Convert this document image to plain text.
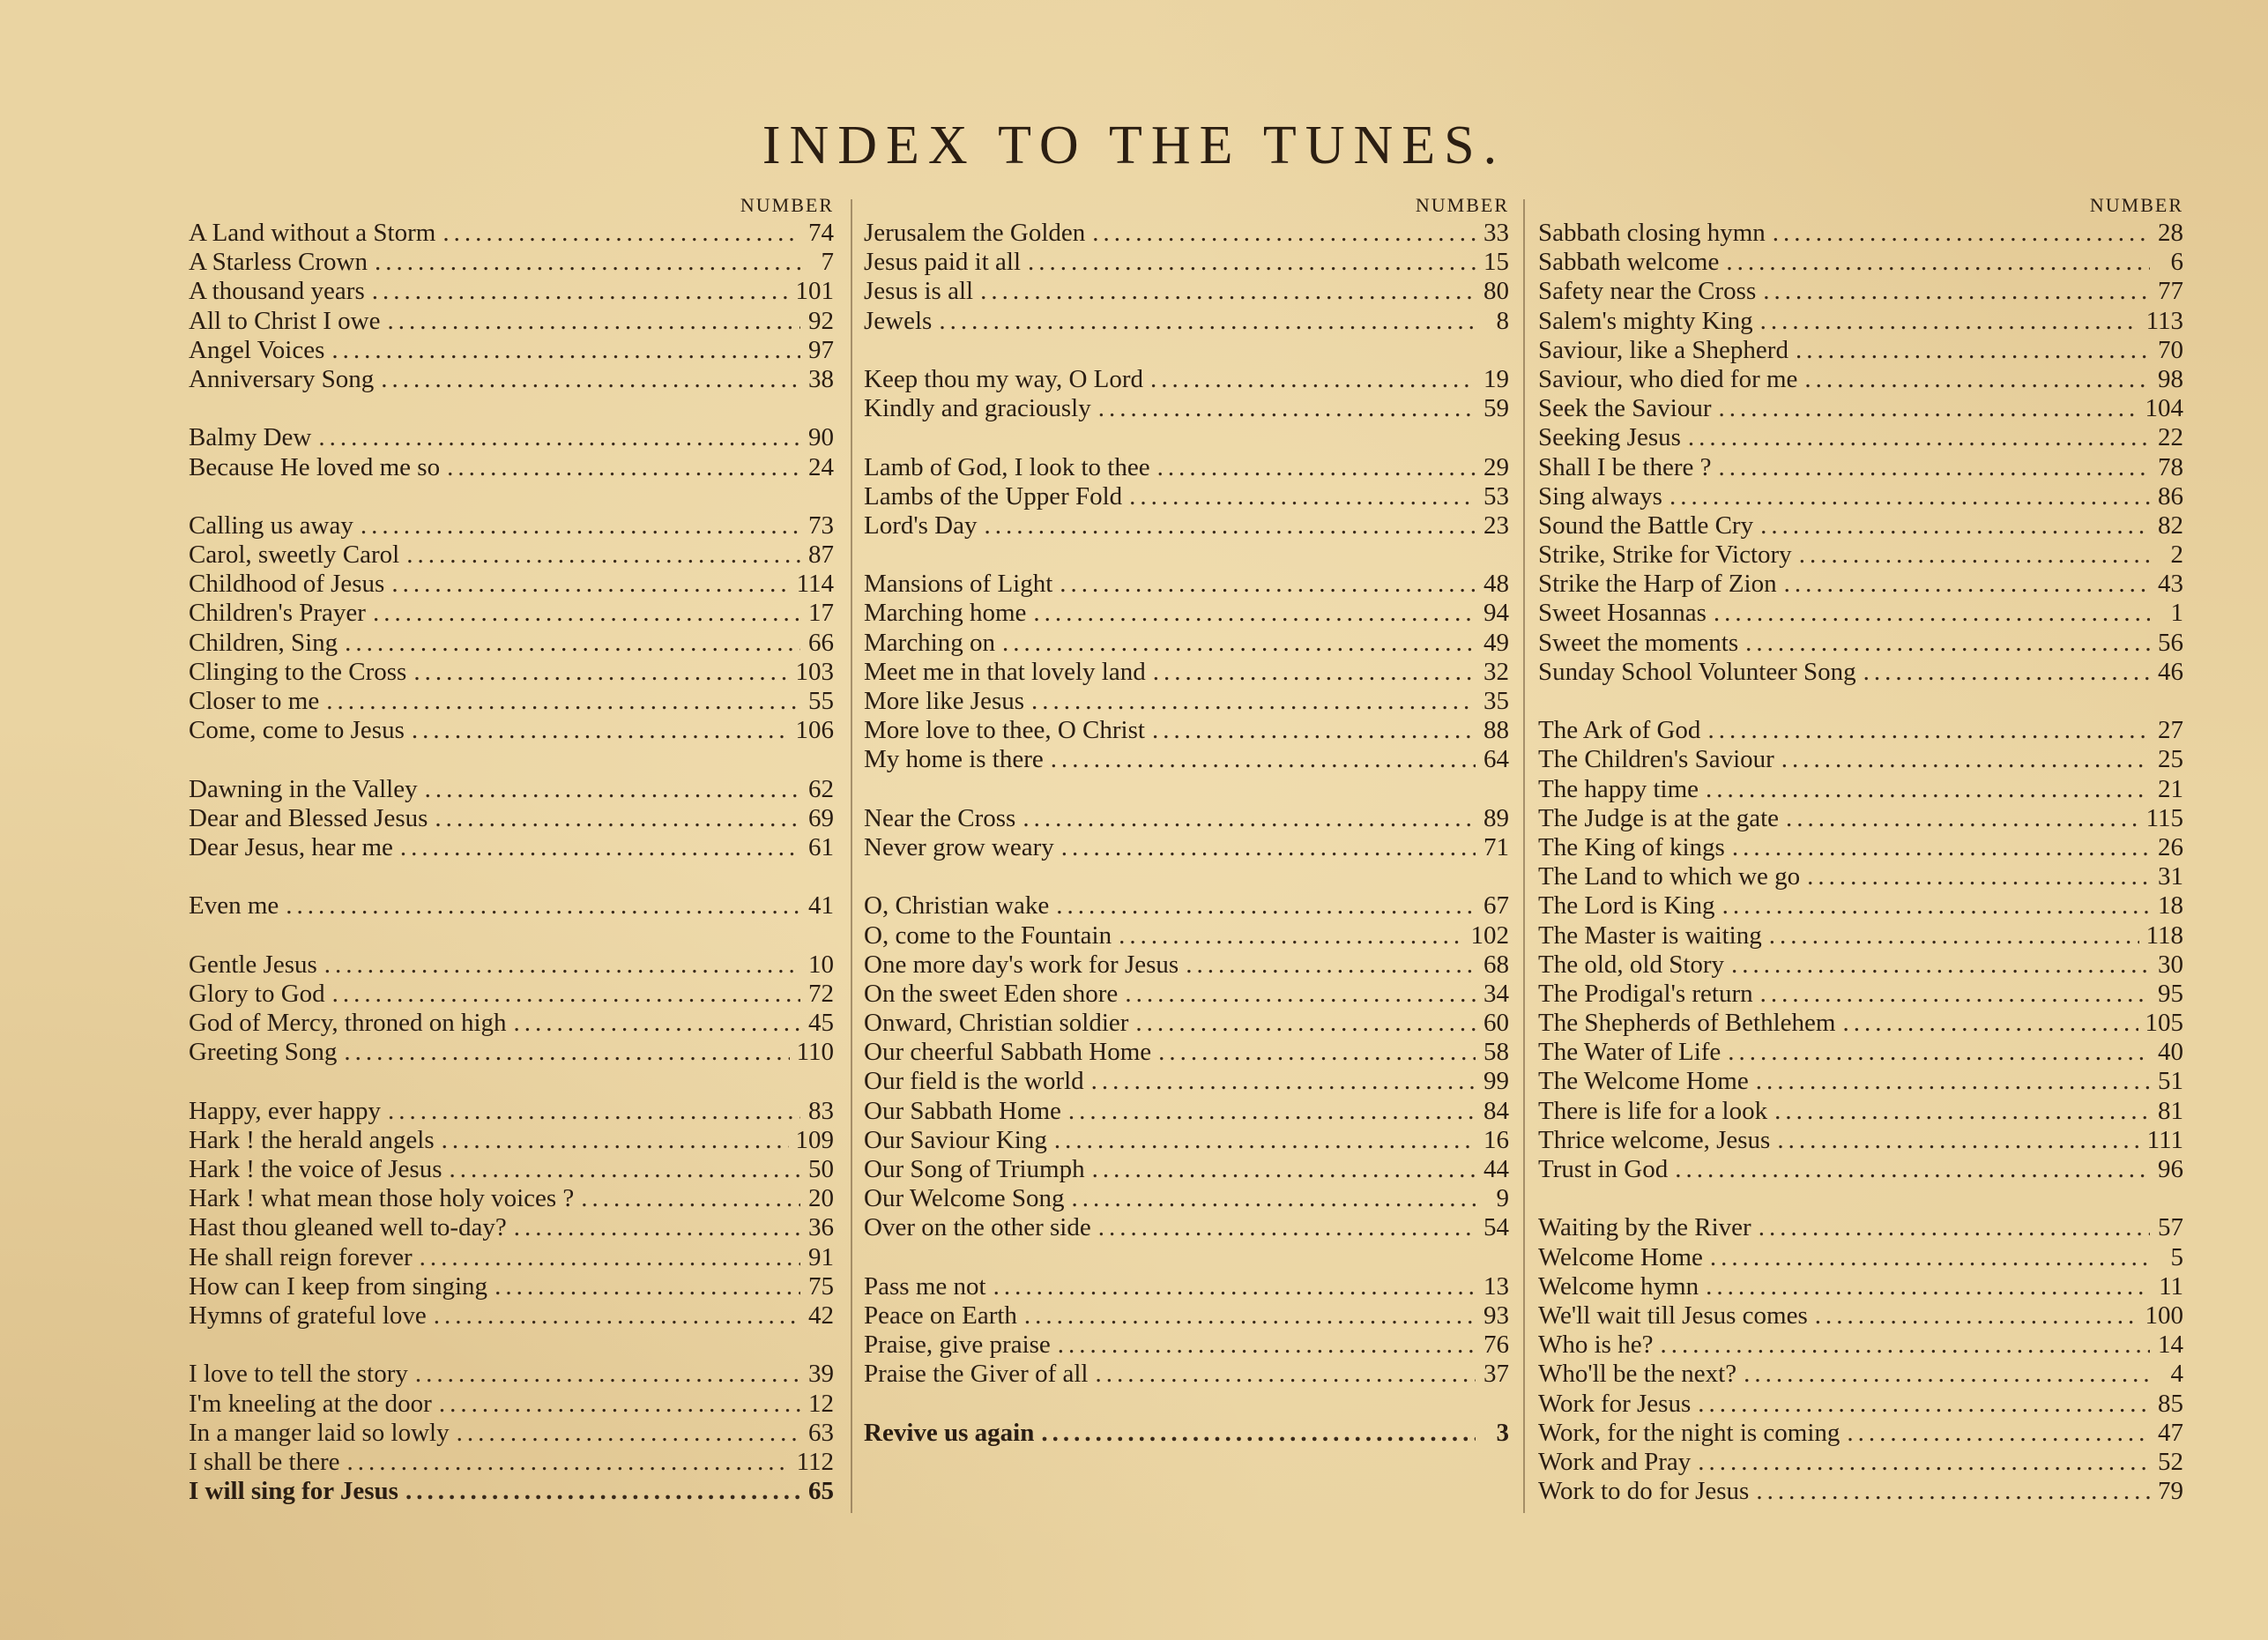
INDEX TO THE TUNES.
NUMBER
A Land without a Storm .....	74
A Starless Crown .....	7
A thousand years .....	101
All to Christ I owe .....	92
Angel Voices .....	97
Anniversary Song .....	38
Balmy Dew .....	90
Because He loved me so .....	24
Calling us away .....	73
Carol, sweetly Carol .....	87
Childhood of Jesus .....	114
Children's Prayer .....	17
Children, Sing .....	66
Clinging to the Cross .....	103
Closer to me .....	55
Come, come to Jesus .....	106
Dawning in the Valley .....	62
Dear and Blessed Jesus .....	69
Dear Jesus, hear me .....	61
Even me .....	41
Gentle Jesus .....	10
Glory to God .....	72
God of Mercy, throned on high .....	45
Greeting Song .....	110
Happy, ever happy .....	83
Hark ! the herald angels .....	109
Hark ! the voice of Jesus .....	50
Hark ! what mean those holy voices ? .....	20
Hast thou gleaned well to-day? .....	36
He shall reign forever .....	91
How can I keep from singing .....	75
Hymns of grateful love .....	42
I love to tell the story .....	39
I'm kneeling at the door .....	12
In a manger laid so lowly .....	63
I shall be there .....	112
I will sing for Jesus .....	65
NUMBER
Jerusalem the Golden .....	33
Jesus paid it all .....	15
Jesus is all .....	80
Jewels .....	8
Keep thou my way, O Lord .....	19
Kindly and graciously .....	59
Lamb of God, I look to thee .....	29
Lambs of the Upper Fold .....	53
Lord's Day .....	23
Mansions of Light .....	48
Marching home .....	94
Marching on .....	49
Meet me in that lovely land .....	32
More like Jesus .....	35
More love to thee, O Christ .....	88
My home is there .....	64
Near the Cross .....	89
Never grow weary .....	71
O, Christian wake .....	67
O, come to the Fountain .....	102
One more day's work for Jesus .....	68
On the sweet Eden shore .....	34
Onward, Christian soldier .....	60
Our cheerful Sabbath Home .....	58
Our field is the world .....	99
Our Sabbath Home .....	84
Our Saviour King .....	16
Our Song of Triumph .....	44
Our Welcome Song .....	9
Over on the other side .....	54
Pass me not .....	13
Peace on Earth .....	93
Praise, give praise .....	76
Praise the Giver of all .....	37
Revive us again .....	3
NUMBER
Sabbath closing hymn .....	28
Sabbath welcome .....	6
Safety near the Cross .....	77
Salem's mighty King .....	113
Saviour, like a Shepherd .....	70
Saviour, who died for me .....	98
Seek the Saviour .....	104
Seeking Jesus .....	22
Shall I be there ? .....	78
Sing always .....	86
Sound the Battle Cry .....	82
Strike, Strike for Victory .....	2
Strike the Harp of Zion .....	43
Sweet Hosannas .....	1
Sweet the moments .....	56
Sunday School Volunteer Song .....	46
The Ark of God .....	27
The Children's Saviour .....	25
The happy time .....	21
The Judge is at the gate .....	115
The King of kings .....	26
The Land to which we go .....	31
The Lord is King .....	18
The Master is waiting .....	118
The old, old Story .....	30
The Prodigal's return .....	95
The Shepherds of Bethlehem .....	105
The Water of Life .....	40
The Welcome Home .....	51
There is life for a look .....	81
Thrice welcome, Jesus .....	111
Trust in God .....	96
Waiting by the River .....	57
Welcome Home .....	5
Welcome hymn .....	11
We'll wait till Jesus comes .....	100
Who is he? .....	14
Who'll be the next? .....	4
Work for Jesus .....	85
Work, for the night is coming .....	47
Work and Pray .....	52
Work to do for Jesus .....	79
